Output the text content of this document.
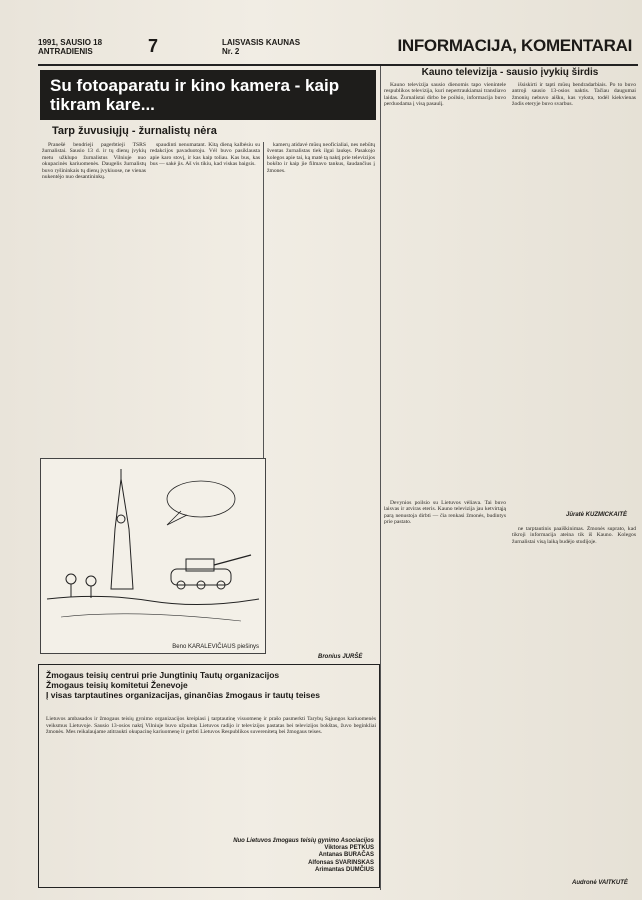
1991, SAUSIO 18
ANTRADIENIS	7	LAISVASIS KAUNAS
Nr. 2	INFORMACIJA, KOMENTARAI
Su fotoaparatu ir kino kamera - kaip tikram kare...
Tarp žuvusiųjų - žurnalistų nėra

Pranešė bendrieji pagerbtieji TSRS žurnalistai. Sausio 13 d. ir tų dienų įvykių metu užklupo žurnalistus Vilniuje nuo okupacinės kariuomenės. Daugelis žurnalistų buvo ryšininkais tų dienų įvykiuose, ne vienas nukentėjo nuo desantininkų.

spaudinti nenumatant. Kitą dieną kalbėsiu su redakcijos pavaduotoju. Vėl buvo pasiklausta apie karo stovį, ir kas kaip toliau. Kas bus, kas bus — sakė jis. Aš vis tikiu, kad viskas baigsis.

kamerų atidavė mūsų neoficialiai, nes nebūtų šventas žurnalistas tiek ilgai laukęs. Pasakojo kolegos apie tai, ką matė tą naktį prie televizijos bokšto ir kaip jie filmavo tankus, šaudančius į žmones.

Bronius JURŠĖ
Kauno televizija - sausio įvykių širdis

Kauno televizija sausio dienomis tapo vienintele respublikos televizija, kuri nepertraukiamai transliavo laidas. Žurnalistai dirbo be poilsio, informacija buvo perduodama į visą pasaulį.

išsiskirti ir tapti mūsų bendradarbiais. Po to buvo antroji sausio 13-osios naktis. Tačiau daugumai žmonių nebuvo aišku, kas vyksta, todėl kiekvienas žodis eteryje buvo svarbus.

Jūratė KUZMICKAITĖ

Devynios poilsio su Lietuvos vėliava. Tai buvo laisvas ir atviras eteris. Kauno televizija jau ketvirtąją parą nenustoja dirbti — čia renkasi žmonės, budintys prie pastato.

ne tarptautinis paaiškinimas. Žmonės suprato, kad tikroji informacija ateina tik iš Kauno. Kolegos žurnalistai visą laiką budėjo studijoje.

Audronė VAITKUTĖ
Beno KARALEVIČIAUS piešinys
Žmogaus teisių centrui prie Jungtinių Tautų organizacijos
Žmogaus teisių komitetui Ženevoje
Į visas tarptautines organizacijas, ginančias žmogaus ir tautų teises
Lietuvos ambasados ir žmogaus teisių gynimo organizacijos kreipiasi į tarptautinę visuomenę ir prašo pasmerkti Tarybų Sąjungos kariuomenės veiksmus Lietuvoje. Sausio 13-osios naktį Vilniuje buvo užpultas Lietuvos radijo ir televizijos pastatas bei televizijos bokštas, žuvo beginkliai žmonės. Mes reikalaujame atitraukti okupacinę kariuomenę ir gerbti Lietuvos Respublikos suverenitetą bei žmogaus teises.
Nuo Lietuvos žmogaus teisių gynimo Asociacijos
Viktoras PETKUS
Antanas BURAČAS
Alfonsas SVARINSKAS
Arimantas DUMČIUS
